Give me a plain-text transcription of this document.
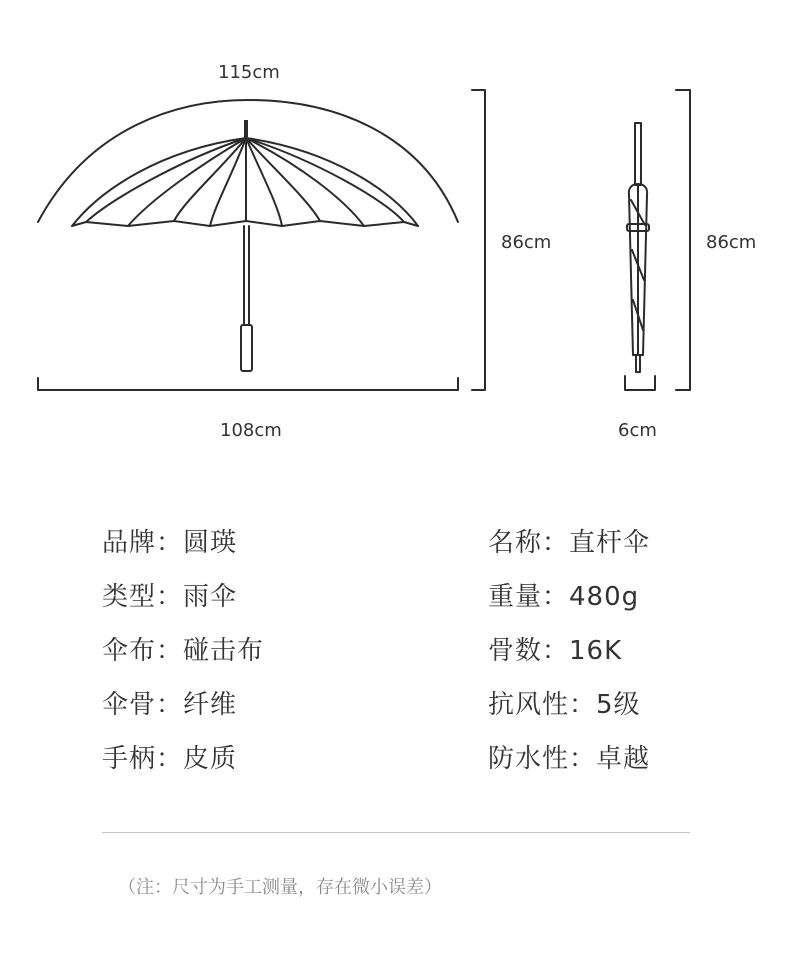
115cm
86cm	86cm
108cm	6cm
品牌：圆瑛
类型：雨伞
伞布：碰击布
伞骨：纤维
手柄：皮质
名称：直杆伞
重量：480g
骨数：16K
抗风性：5级
防水性：卓越
（注：尺寸为手工测量，存在微小误差）
